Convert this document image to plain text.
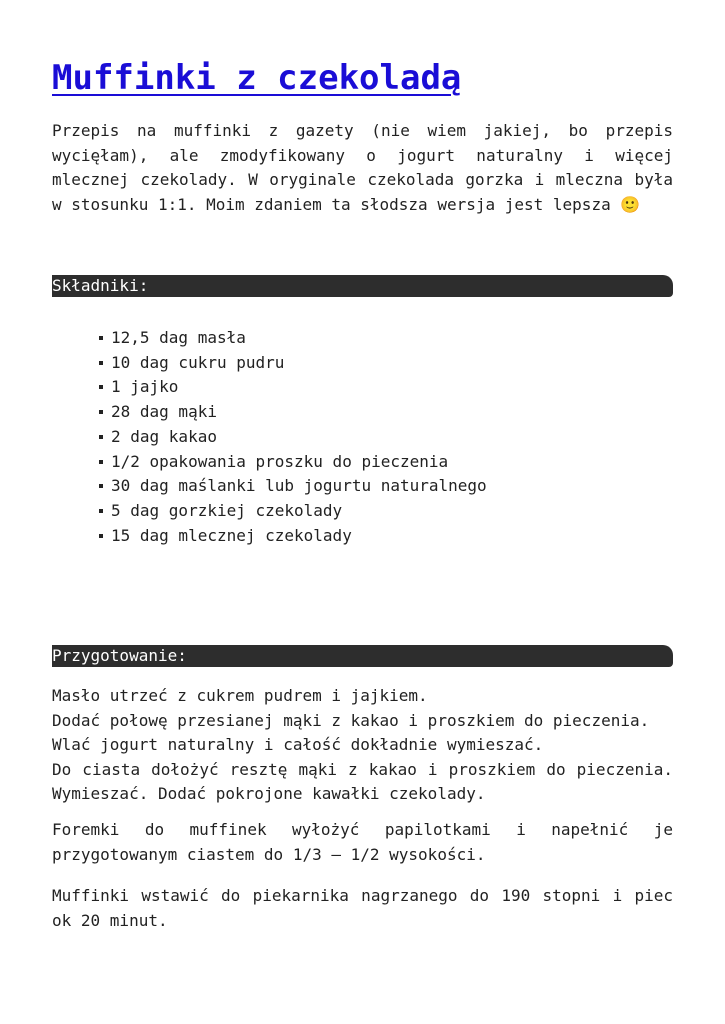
Muffinki z czekoladą

Przepis na muffinki z gazety (nie wiem jakiej, bo przepis wycięłam), ale zmodyfikowany o jogurt naturalny i więcej mlecznej czekolady. W oryginale czekolada gorzka i mleczna była w stosunku 1:1. Moim zdaniem ta słodsza wersja jest lepsza 🙂

Składniki:
12,5 dag masła
10 dag cukru pudru
1 jajko
28 dag mąki
2 dag kakao
1/2 opakowania proszku do pieczenia
30 dag maślanki lub jogurtu naturalnego
5 dag gorzkiej czekolady
15 dag mlecznej czekolady
Przygotowanie:

Masło utrzeć z cukrem pudrem i jajkiem.
Dodać połowę przesianej mąki z kakao i proszkiem do pieczenia.
Wlać jogurt naturalny i całość dokładnie wymieszać.
Do ciasta dołożyć resztę mąki z kakao i proszkiem do pieczenia. Wymieszać. Dodać pokrojone kawałki czekolady.

Foremki do muffinek wyłożyć papilotkami i napełnić je przygotowanym ciastem do 1/3 – 1/2 wysokości.

Muffinki wstawić do piekarnika nagrzanego do 190 stopni i piec ok 20 minut.
